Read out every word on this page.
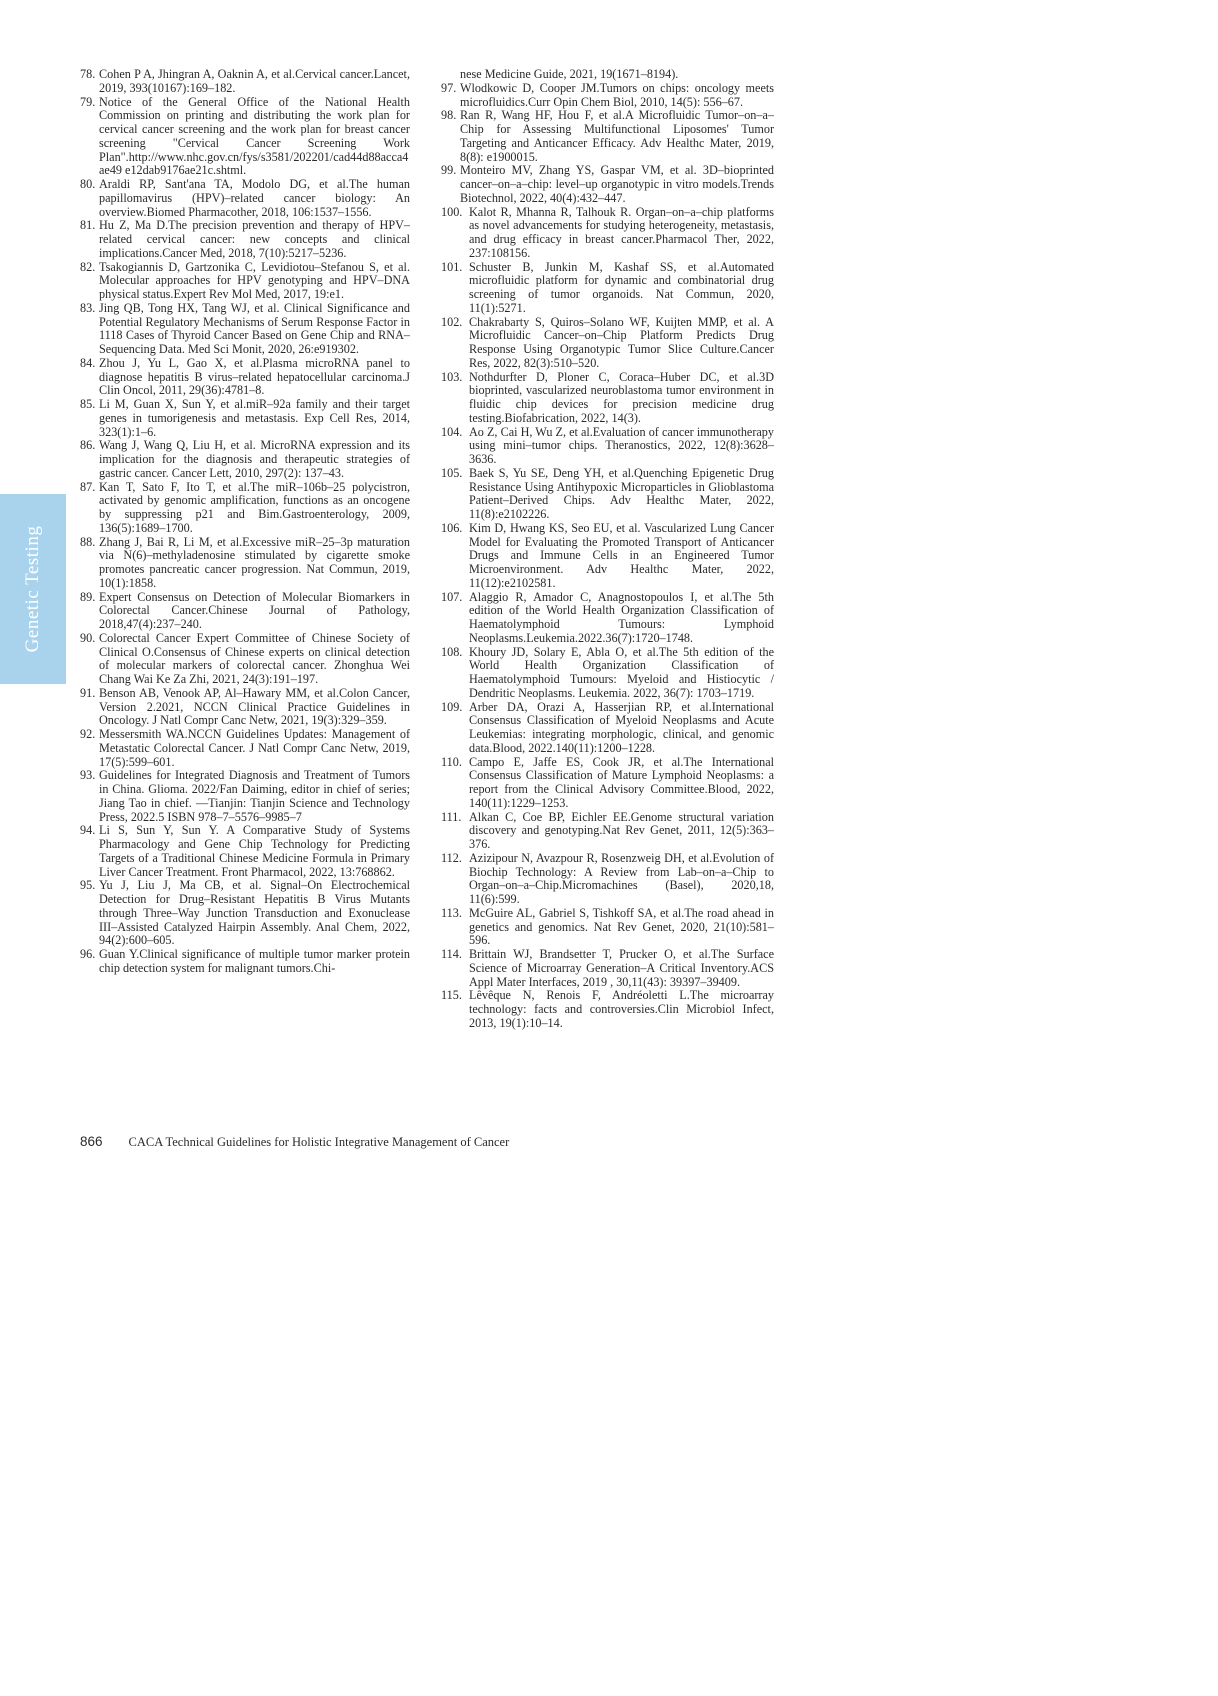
Genetic Testing
78. Cohen P A, Jhingran A, Oaknin A, et al.Cervical cancer.Lancet, 2019, 393(10167):169–182.
79. Notice of the General Office of the National Health Commission on printing and distributing the work plan for cervical cancer screening and the work plan for breast cancer screening "Cervical Cancer Screening Work Plan".http://www.nhc.gov.cn/fys/s3581/202201/cad44d88acca4ae49 e12dab9176ae21c.shtml.
80. Araldi RP, Sant'ana TA, Modolo DG, et al.The human papillomavirus (HPV)–related cancer biology: An overview.Biomed Pharmacother, 2018, 106:1537–1556.
81. Hu Z, Ma D.The precision prevention and therapy of HPV–related cervical cancer: new concepts and clinical implications.Cancer Med, 2018, 7(10):5217–5236.
82. Tsakogiannis D, Gartzonika C, Levidiotou–Stefanou S, et al. Molecular approaches for HPV genotyping and HPV–DNA physical status.Expert Rev Mol Med, 2017, 19:e1.
83. Jing QB, Tong HX, Tang WJ, et al. Clinical Significance and Potential Regulatory Mechanisms of Serum Response Factor in 1118 Cases of Thyroid Cancer Based on Gene Chip and RNA–Sequencing Data. Med Sci Monit, 2020, 26:e919302.
84. Zhou J, Yu L, Gao X, et al.Plasma microRNA panel to diagnose hepatitis B virus–related hepatocellular carcinoma.J Clin Oncol, 2011, 29(36):4781–8.
85. Li M, Guan X, Sun Y, et al.miR–92a family and their target genes in tumorigenesis and metastasis. Exp Cell Res, 2014, 323(1):1–6.
86. Wang J, Wang Q, Liu H, et al. MicroRNA expression and its implication for the diagnosis and therapeutic strategies of gastric cancer. Cancer Lett, 2010, 297(2): 137–43.
87. Kan T, Sato F, Ito T, et al.The miR–106b–25 polycistron, activated by genomic amplification, functions as an oncogene by suppressing p21 and Bim.Gastroenterology, 2009, 136(5):1689–1700.
88. Zhang J, Bai R, Li M, et al.Excessive miR–25–3p maturation via N(6)–methyladenosine stimulated by cigarette smoke promotes pancreatic cancer progression. Nat Commun, 2019, 10(1):1858.
89. Expert Consensus on Detection of Molecular Biomarkers in Colorectal Cancer.Chinese Journal of Pathology, 2018,47(4):237–240.
90. Colorectal Cancer Expert Committee of Chinese Society of Clinical O.Consensus of Chinese experts on clinical detection of molecular markers of colorectal cancer. Zhonghua Wei Chang Wai Ke Za Zhi, 2021, 24(3):191–197.
91. Benson AB, Venook AP, Al–Hawary MM, et al.Colon Cancer, Version 2.2021, NCCN Clinical Practice Guidelines in Oncology. J Natl Compr Canc Netw, 2021, 19(3):329–359.
92. Messersmith WA.NCCN Guidelines Updates: Management of Metastatic Colorectal Cancer. J Natl Compr Canc Netw, 2019, 17(5):599–601.
93. Guidelines for Integrated Diagnosis and Treatment of Tumors in China. Glioma. 2022/Fan Daiming, editor in chief of series; Jiang Tao in chief. ––Tianjin: Tianjin Science and Technology Press, 2022.5 ISBN 978–7–5576–9985–7
94. Li S, Sun Y, Sun Y. A Comparative Study of Systems Pharmacology and Gene Chip Technology for Predicting Targets of a Traditional Chinese Medicine Formula in Primary Liver Cancer Treatment. Front Pharmacol, 2022, 13:768862.
95. Yu J, Liu J, Ma CB, et al. Signal–On Electrochemical Detection for Drug–Resistant Hepatitis B Virus Mutants through Three–Way Junction Transduction and Exonuclease III–Assisted Catalyzed Hairpin Assembly. Anal Chem, 2022, 94(2):600–605.
96. Guan Y.Clinical significance of multiple tumor marker protein chip detection system for malignant tumors.Chi-
nese Medicine Guide, 2021, 19(1671–8194).
97. Wlodkowic D, Cooper JM.Tumors on chips: oncology meets microfluidics.Curr Opin Chem Biol, 2010, 14(5): 556–67.
98. Ran R, Wang HF, Hou F, et al.A Microfluidic Tumor–on–a–Chip for Assessing Multifunctional Liposomes' Tumor Targeting and Anticancer Efficacy. Adv Healthc Mater, 2019, 8(8): e1900015.
99. Monteiro MV, Zhang YS, Gaspar VM, et al. 3D–bioprinted cancer–on–a–chip: level–up organotypic in vitro models.Trends Biotechnol, 2022, 40(4):432–447.
100. Kalot R, Mhanna R, Talhouk R. Organ–on–a–chip platforms as novel advancements for studying heterogeneity, metastasis, and drug efficacy in breast cancer.Pharmacol Ther, 2022, 237:108156.
101. Schuster B, Junkin M, Kashaf SS, et al.Automated microfluidic platform for dynamic and combinatorial drug screening of tumor organoids. Nat Commun, 2020, 11(1):5271.
102. Chakrabarty S, Quiros–Solano WF, Kuijten MMP, et al. A Microfluidic Cancer–on–Chip Platform Predicts Drug Response Using Organotypic Tumor Slice Culture.Cancer Res, 2022, 82(3):510–520.
103. Nothdurfter D, Ploner C, Coraca–Huber DC, et al.3D bioprinted, vascularized neuroblastoma tumor environment in fluidic chip devices for precision medicine drug testing.Biofabrication, 2022, 14(3).
104. Ao Z, Cai H, Wu Z, et al.Evaluation of cancer immunotherapy using mini–tumor chips. Theranostics, 2022, 12(8):3628–3636.
105. Baek S, Yu SE, Deng YH, et al.Quenching Epigenetic Drug Resistance Using Antihypoxic Microparticles in Glioblastoma Patient–Derived Chips. Adv Healthc Mater, 2022, 11(8):e2102226.
106. Kim D, Hwang KS, Seo EU, et al. Vascularized Lung Cancer Model for Evaluating the Promoted Transport of Anticancer Drugs and Immune Cells in an Engineered Tumor Microenvironment. Adv Healthc Mater, 2022, 11(12):e2102581.
107. Alaggio R, Amador C, Anagnostopoulos I, et al.The 5th edition of the World Health Organization Classification of Haematolymphoid Tumours: Lymphoid Neoplasms.Leukemia.2022.36(7):1720–1748.
108. Khoury JD, Solary E, Abla O, et al.The 5th edition of the World Health Organization Classification of Haematolymphoid Tumours: Myeloid and Histiocytic / Dendritic Neoplasms. Leukemia. 2022, 36(7): 1703–1719.
109. Arber DA, Orazi A, Hasserjian RP, et al.International Consensus Classification of Myeloid Neoplasms and Acute Leukemias: integrating morphologic, clinical, and genomic data.Blood, 2022.140(11):1200–1228.
110. Campo E, Jaffe ES, Cook JR, et al.The International Consensus Classification of Mature Lymphoid Neoplasms: a report from the Clinical Advisory Committee.Blood, 2022, 140(11):1229–1253.
111. Alkan C, Coe BP, Eichler EE.Genome structural variation discovery and genotyping.Nat Rev Genet, 2011, 12(5):363–376.
112. Azizipour N, Avazpour R, Rosenzweig DH, et al.Evolution of Biochip Technology: A Review from Lab–on–a–Chip to Organ–on–a–Chip.Micromachines (Basel), 2020,18, 11(6):599.
113. McGuire AL, Gabriel S, Tishkoff SA, et al.The road ahead in genetics and genomics. Nat Rev Genet, 2020, 21(10):581–596.
114. Brittain WJ, Brandsetter T, Prucker O, et al.The Surface Science of Microarray Generation–A Critical Inventory.ACS Appl Mater Interfaces, 2019 , 30,11(43): 39397–39409.
115. Lêvêque N, Renois F, Andréoletti L.The microarray technology: facts and controversies.Clin Microbiol Infect, 2013, 19(1):10–14.
866 CACA Technical Guidelines for Holistic Integrative Management of Cancer
